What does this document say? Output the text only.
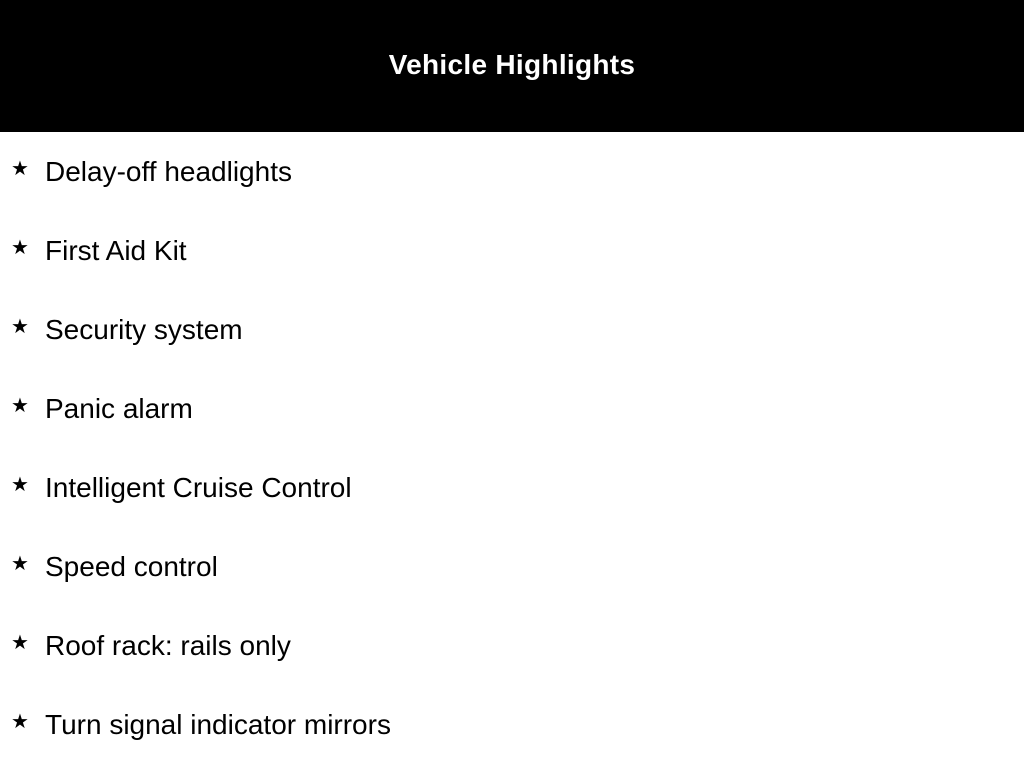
Vehicle Highlights
★ Delay-off headlights
★ First Aid Kit
★ Security system
★ Panic alarm
★ Intelligent Cruise Control
★ Speed control
★ Roof rack: rails only
★ Turn signal indicator mirrors
